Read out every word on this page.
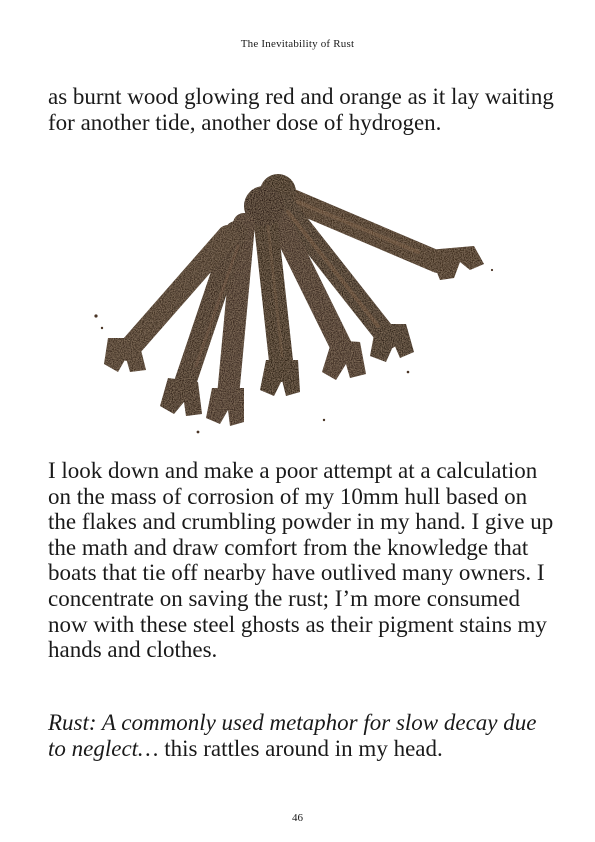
The Inevitability of Rust

as burnt wood glowing red and orange as it lay waiting for another tide, another dose of hydrogen.

I look down and make a poor attempt at a calculation on the mass of corrosion of my 10mm hull based on the flakes and crumbling powder in my hand. I give up the math and draw comfort from the knowledge that boats that tie off nearby have outlived many owners. I concentrate on saving the rust; I’m more consumed now with these steel ghosts as their pigment stains my hands and clothes.

Rust: A commonly used metaphor for slow decay due to neglect… this rattles around in my head.

46
